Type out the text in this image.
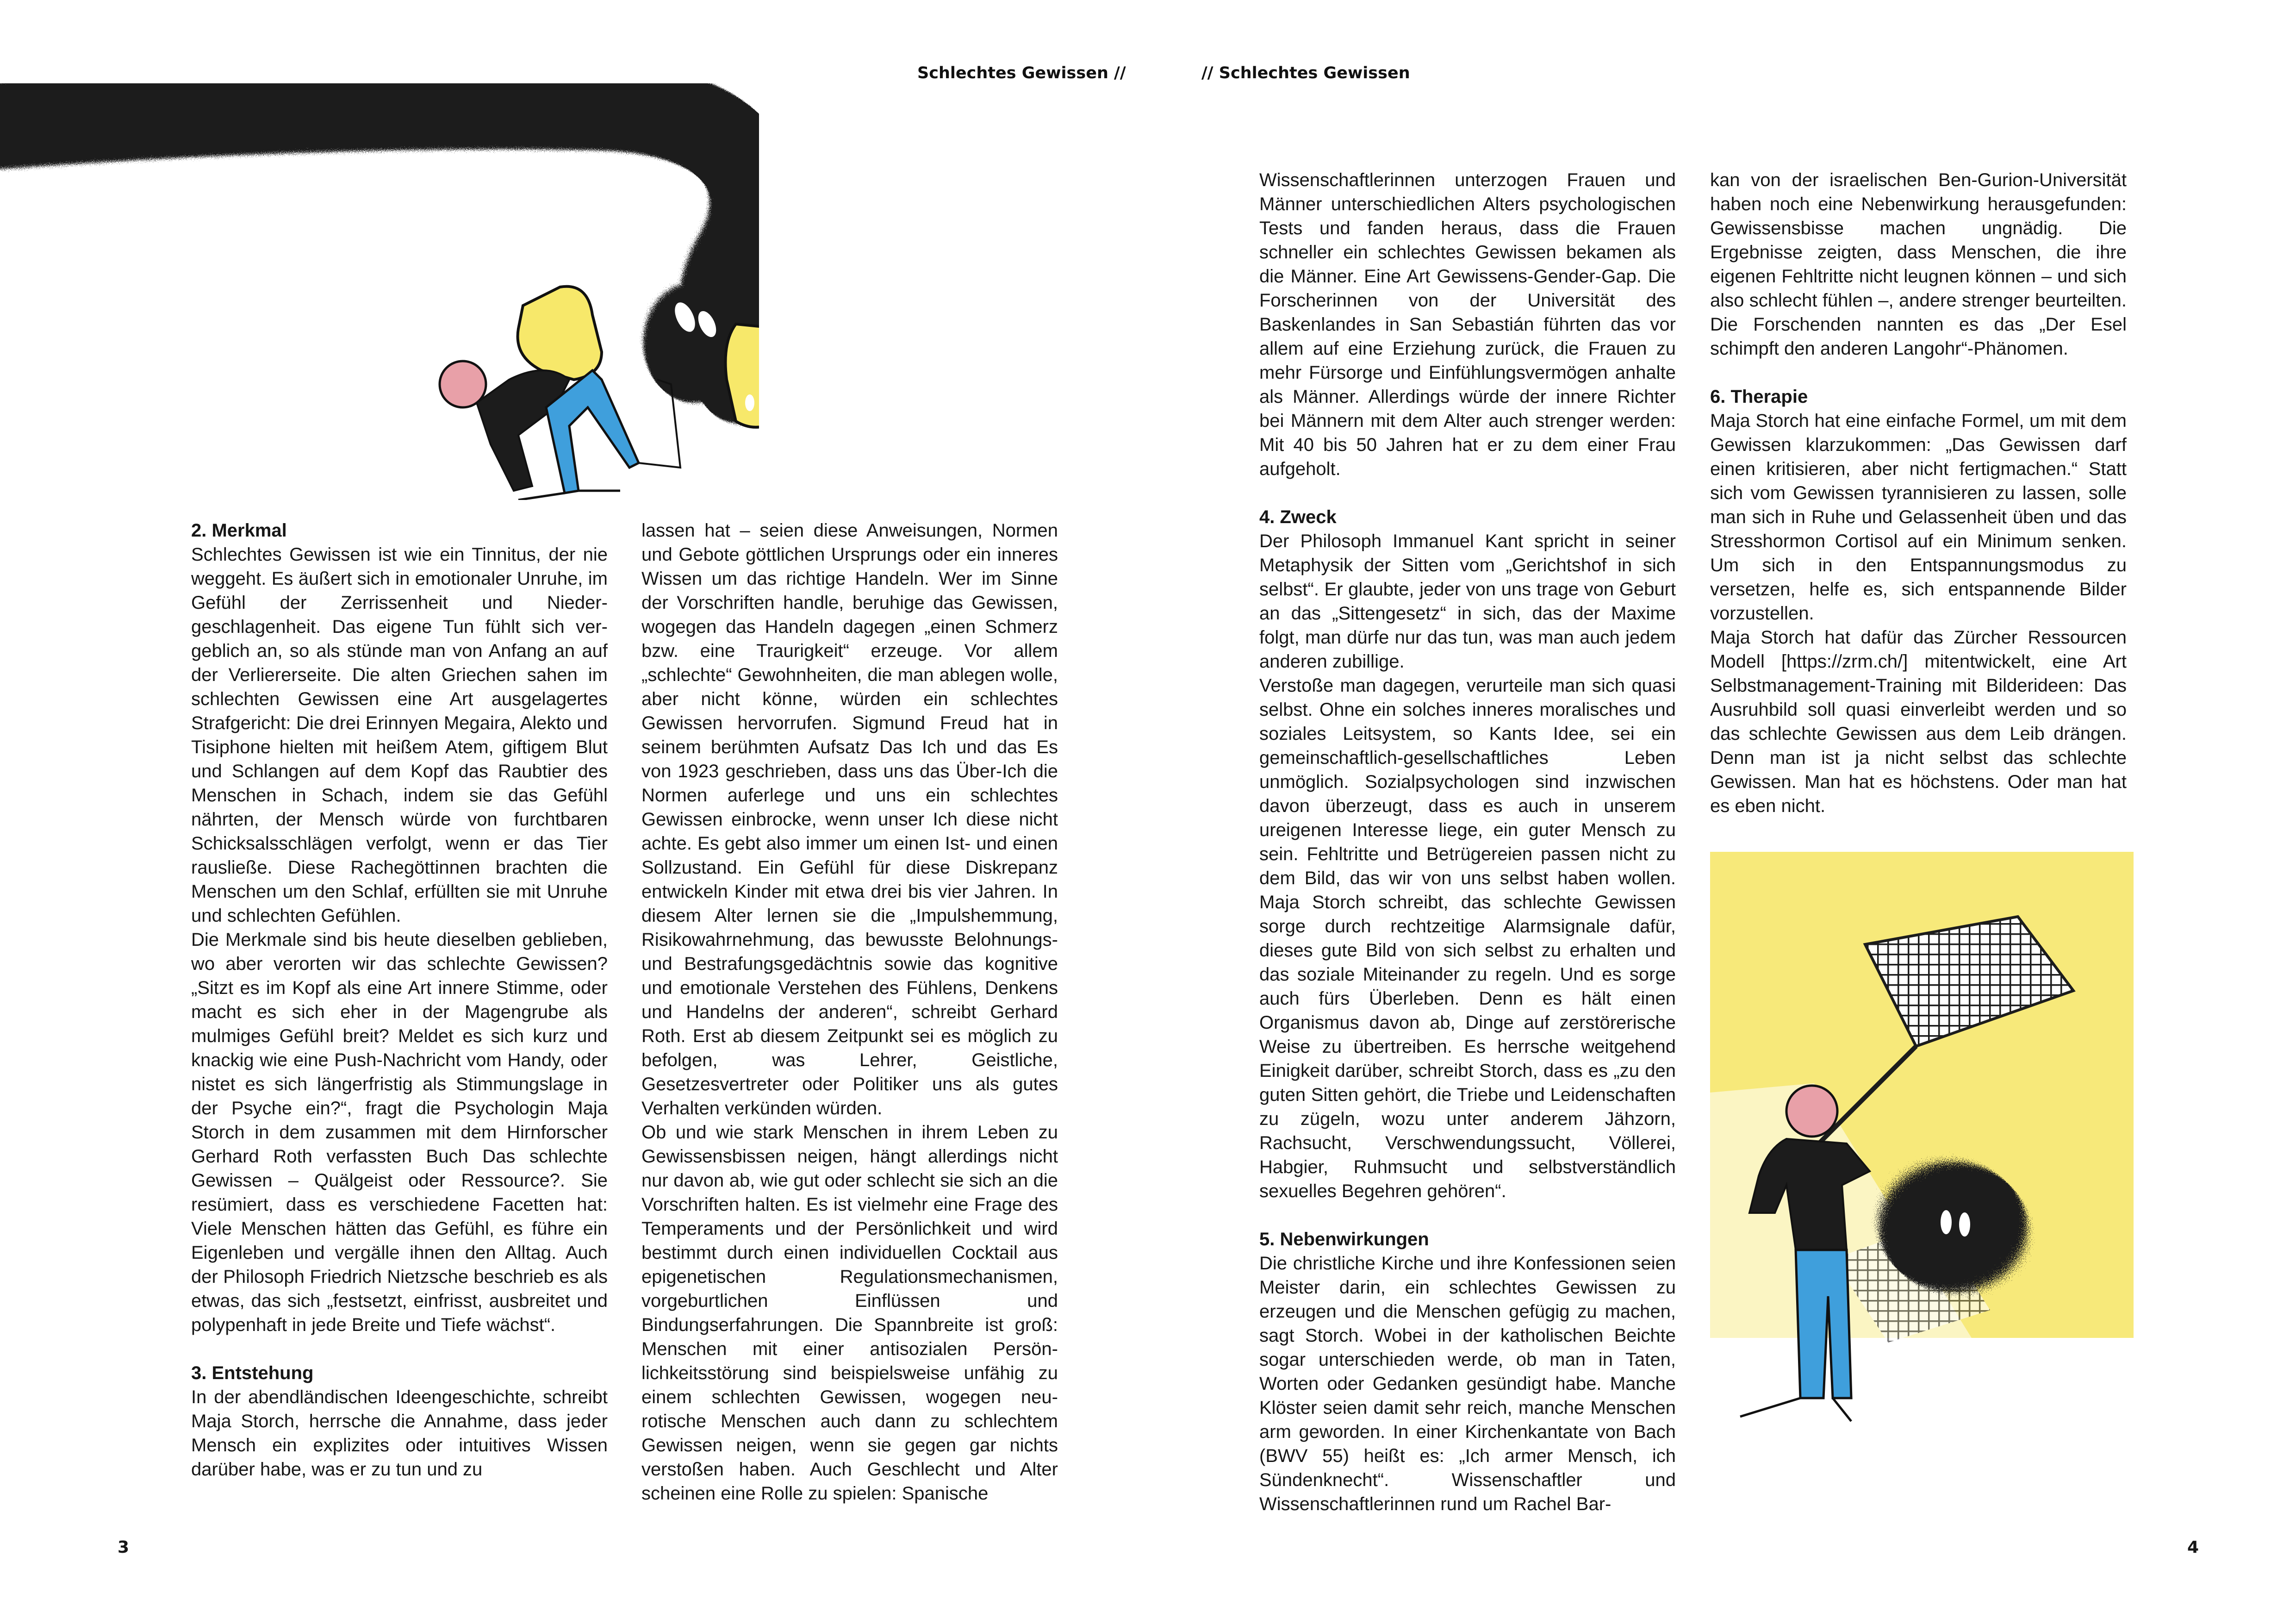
Schlechtes Gewissen //	// Schlechtes Gewissen
2. Merkmal

Schlechtes Gewissen ist wie ein Tinnitus, der nie weggeht. Es äußert sich in emotionaler Unruhe, im Gefühl der Zerrissenheit und Niedergeschlagenheit. Das eigene Tun fühlt sich vergeblich an, so als stünde man von Anfang an auf der Verliererseite. Die alten Griechen sahen im schlechten Gewissen eine Art ausgelagertes Strafgericht: Die drei Erinnyen Megaira, Alekto und Tisiphone hielten mit heißem Atem, giftigem Blut und Schlangen auf dem Kopf das Raubtier des Menschen in Schach, indem sie das Gefühl nährten, der Mensch würde von furchtbaren Schicksalsschlägen verfolgt, wenn er das Tier rausließe. Diese Rachegöttinnen brachten die Menschen um den Schlaf, erfüllten sie mit Unruhe und schlechten Gefühlen.

Die Merkmale sind bis heute dieselben geblieben, wo aber verorten wir das schlechte Gewissen? „Sitzt es im Kopf als eine Art innere Stimme, oder macht es sich eher in der Magengrube als mulmiges Gefühl breit? Meldet es sich kurz und knackig wie eine Push-Nachricht vom Handy, oder nistet es sich längerfristig als Stimmungslage in der Psyche ein?“, fragt die Psychologin Maja Storch in dem zusammen mit dem Hirnforscher Gerhard Roth verfassten Buch Das schlechte Gewissen – Quälgeist oder Ressource?. Sie resümiert, dass es verschiedene Facetten hat: Viele Menschen hätten das Gefühl, es führe ein Eigenleben und vergälle ihnen den Alltag. Auch der Philosoph Friedrich Nietzsche beschrieb es als etwas, das sich „festsetzt, einfrisst, ausbreitet und polypenhaft in jede Breite und Tiefe wächst“.

3. Entstehung

In der abendländischen Ideengeschichte, schreibt Maja Storch, herrsche die Annahme, dass jeder Mensch ein explizites oder intuitives Wissen darüber habe, was er zu tun und zu

lassen hat – seien diese Anweisungen, Normen und Gebote göttlichen Ursprungs oder ein inneres Wissen um das richtige Handeln. Wer im Sinne der Vorschriften handle, beruhige das Gewissen, wogegen das Handeln dagegen „einen Schmerz bzw. eine Traurigkeit“ erzeuge. Vor allem „schlechte“ Gewohnheiten, die man ablegen wolle, aber nicht könne, würden ein schlechtes Gewissen hervorrufen. Sigmund Freud hat in seinem berühmten Aufsatz Das Ich und das Es von 1923 geschrieben, dass uns das Über-Ich die Normen auferlege und uns ein schlechtes Gewissen einbrocke, wenn unser Ich diese nicht achte. Es gebt also immer um einen Ist- und einen Sollzustand. Ein Gefühl für diese Diskrepanz entwickeln Kinder mit etwa drei bis vier Jahren. In diesem Alter lernen sie die „Impulshemmung, Risikowahrnehmung, das bewusste Belohnungs- und Bestrafungsgedächtnis sowie das kognitive und emotionale Verstehen des Fühlens, Denkens und Handelns der anderen“, schreibt Gerhard Roth. Erst ab diesem Zeitpunkt sei es möglich zu befolgen, was Lehrer, Geistliche, Gesetzesvertreter oder Politiker uns als gutes Verhalten verkünden würden.

Ob und wie stark Menschen in ihrem Leben zu Gewissensbissen neigen, hängt allerdings nicht nur davon ab, wie gut oder schlecht sie sich an die Vorschriften halten. Es ist vielmehr eine Frage des Temperaments und der Persönlichkeit und wird bestimmt durch einen individuellen Cocktail aus epigenetischen Regulationsmechanismen, vorgeburtlichen Einflüssen und Bindungserfahrungen. Die Spannbreite ist groß: Menschen mit einer antisozialen Persönlichkeitsstörung sind beispielsweise unfähig zu einem schlechten Gewissen, wogegen neurotische Menschen auch dann zu schlechtem Gewissen neigen, wenn sie gegen gar nichts verstoßen haben. Auch Geschlecht und Alter scheinen eine Rolle zu spielen: Spanische

Wissenschaftlerinnen unterzogen Frauen und Männer unterschiedlichen Alters psychologischen Tests und fanden heraus, dass die Frauen schneller ein schlechtes Gewissen bekamen als die Männer. Eine Art Gewissens-Gender-Gap. Die Forscherinnen von der Universität des Baskenlandes in San Sebastián führten das vor allem auf eine Erziehung zurück, die Frauen zu mehr Fürsorge und Einfühlungsvermögen anhalte als Männer. Allerdings würde der innere Richter bei Männern mit dem Alter auch strenger werden: Mit 40 bis 50 Jahren hat er zu dem einer Frau aufgeholt.

4. Zweck

Der Philosoph Immanuel Kant spricht in seiner Metaphysik der Sitten vom „Gerichtshof in sich selbst“. Er glaubte, jeder von uns trage von Geburt an das „Sittengesetz“ in sich, das der Maxime folgt, man dürfe nur das tun, was man auch jedem anderen zubillige.

Verstoße man dagegen, verurteile man sich quasi selbst. Ohne ein solches inneres moralisches und soziales Leitsystem, so Kants Idee, sei ein gemeinschaftlich-gesellschaftliches Leben unmöglich. Sozialpsychologen sind inzwischen davon überzeugt, dass es auch in unserem ureigenen Interesse liege, ein guter Mensch zu sein. Fehltritte und Betrügereien passen nicht zu dem Bild, das wir von uns selbst haben wollen. Maja Storch schreibt, das schlechte Gewissen sorge durch rechtzeitige Alarmsignale dafür, dieses gute Bild von sich selbst zu erhalten und das soziale Miteinander zu regeln. Und es sorge auch fürs Überleben. Denn es hält einen Organismus davon ab, Dinge auf zerstörerische Weise zu übertreiben. Es herrsche weitgehend Einigkeit darüber, schreibt Storch, dass es „zu den guten Sitten gehört, die Triebe und Leidenschaften zu zügeln, wozu unter anderem Jähzorn, Rachsucht, Verschwendungssucht, Völlerei, Habgier, Ruhmsucht und selbstverständlich sexuelles Begehren gehören“.

5. Nebenwirkungen

Die christliche Kirche und ihre Konfessionen seien Meister darin, ein schlechtes Gewissen zu erzeugen und die Menschen gefügig zu machen, sagt Storch. Wobei in der katholischen Beichte sogar unterschieden werde, ob man in Taten, Worten oder Gedanken gesündigt habe. Manche Klöster seien damit sehr reich, manche Menschen arm geworden. In einer Kirchenkantate von Bach (BWV 55) heißt es: „Ich armer Mensch, ich Sündenknecht“. Wissenschaftler und Wissenschaftlerinnen rund um Rachel Bar-

kan von der israelischen Ben-Gurion-Universität haben noch eine Nebenwirkung herausgefunden: Gewissensbisse machen ungnädig. Die Ergebnisse zeigten, dass Menschen, die ihre eigenen Fehltritte nicht leugnen können – und sich also schlecht fühlen –, andere strenger beurteilten. Die Forschenden nannten es das „Der Esel schimpft den anderen Langohr“-Phänomen.

6. Therapie

Maja Storch hat eine einfache Formel, um mit dem Gewissen klarzukommen: „Das Gewissen darf einen kritisieren, aber nicht fertigmachen.“ Statt sich vom Gewissen tyrannisieren zu lassen, solle man sich in Ruhe und Gelassenheit üben und das Stresshormon Cortisol auf ein Minimum senken. Um sich in den Entspannungsmodus zu versetzen, helfe es, sich entspannende Bilder vorzustellen.

Maja Storch hat dafür das Zürcher Ressourcen Modell [https://zrm.ch/] mitentwickelt, eine Art Selbstmanagement-Training mit Bilderideen: Das Ausruhbild soll quasi einverleibt werden und so das schlechte Gewissen aus dem Leib drängen. Denn man ist ja nicht selbst das schlechte Gewissen. Man hat es höchstens. Oder man hat es eben nicht.

3	4
